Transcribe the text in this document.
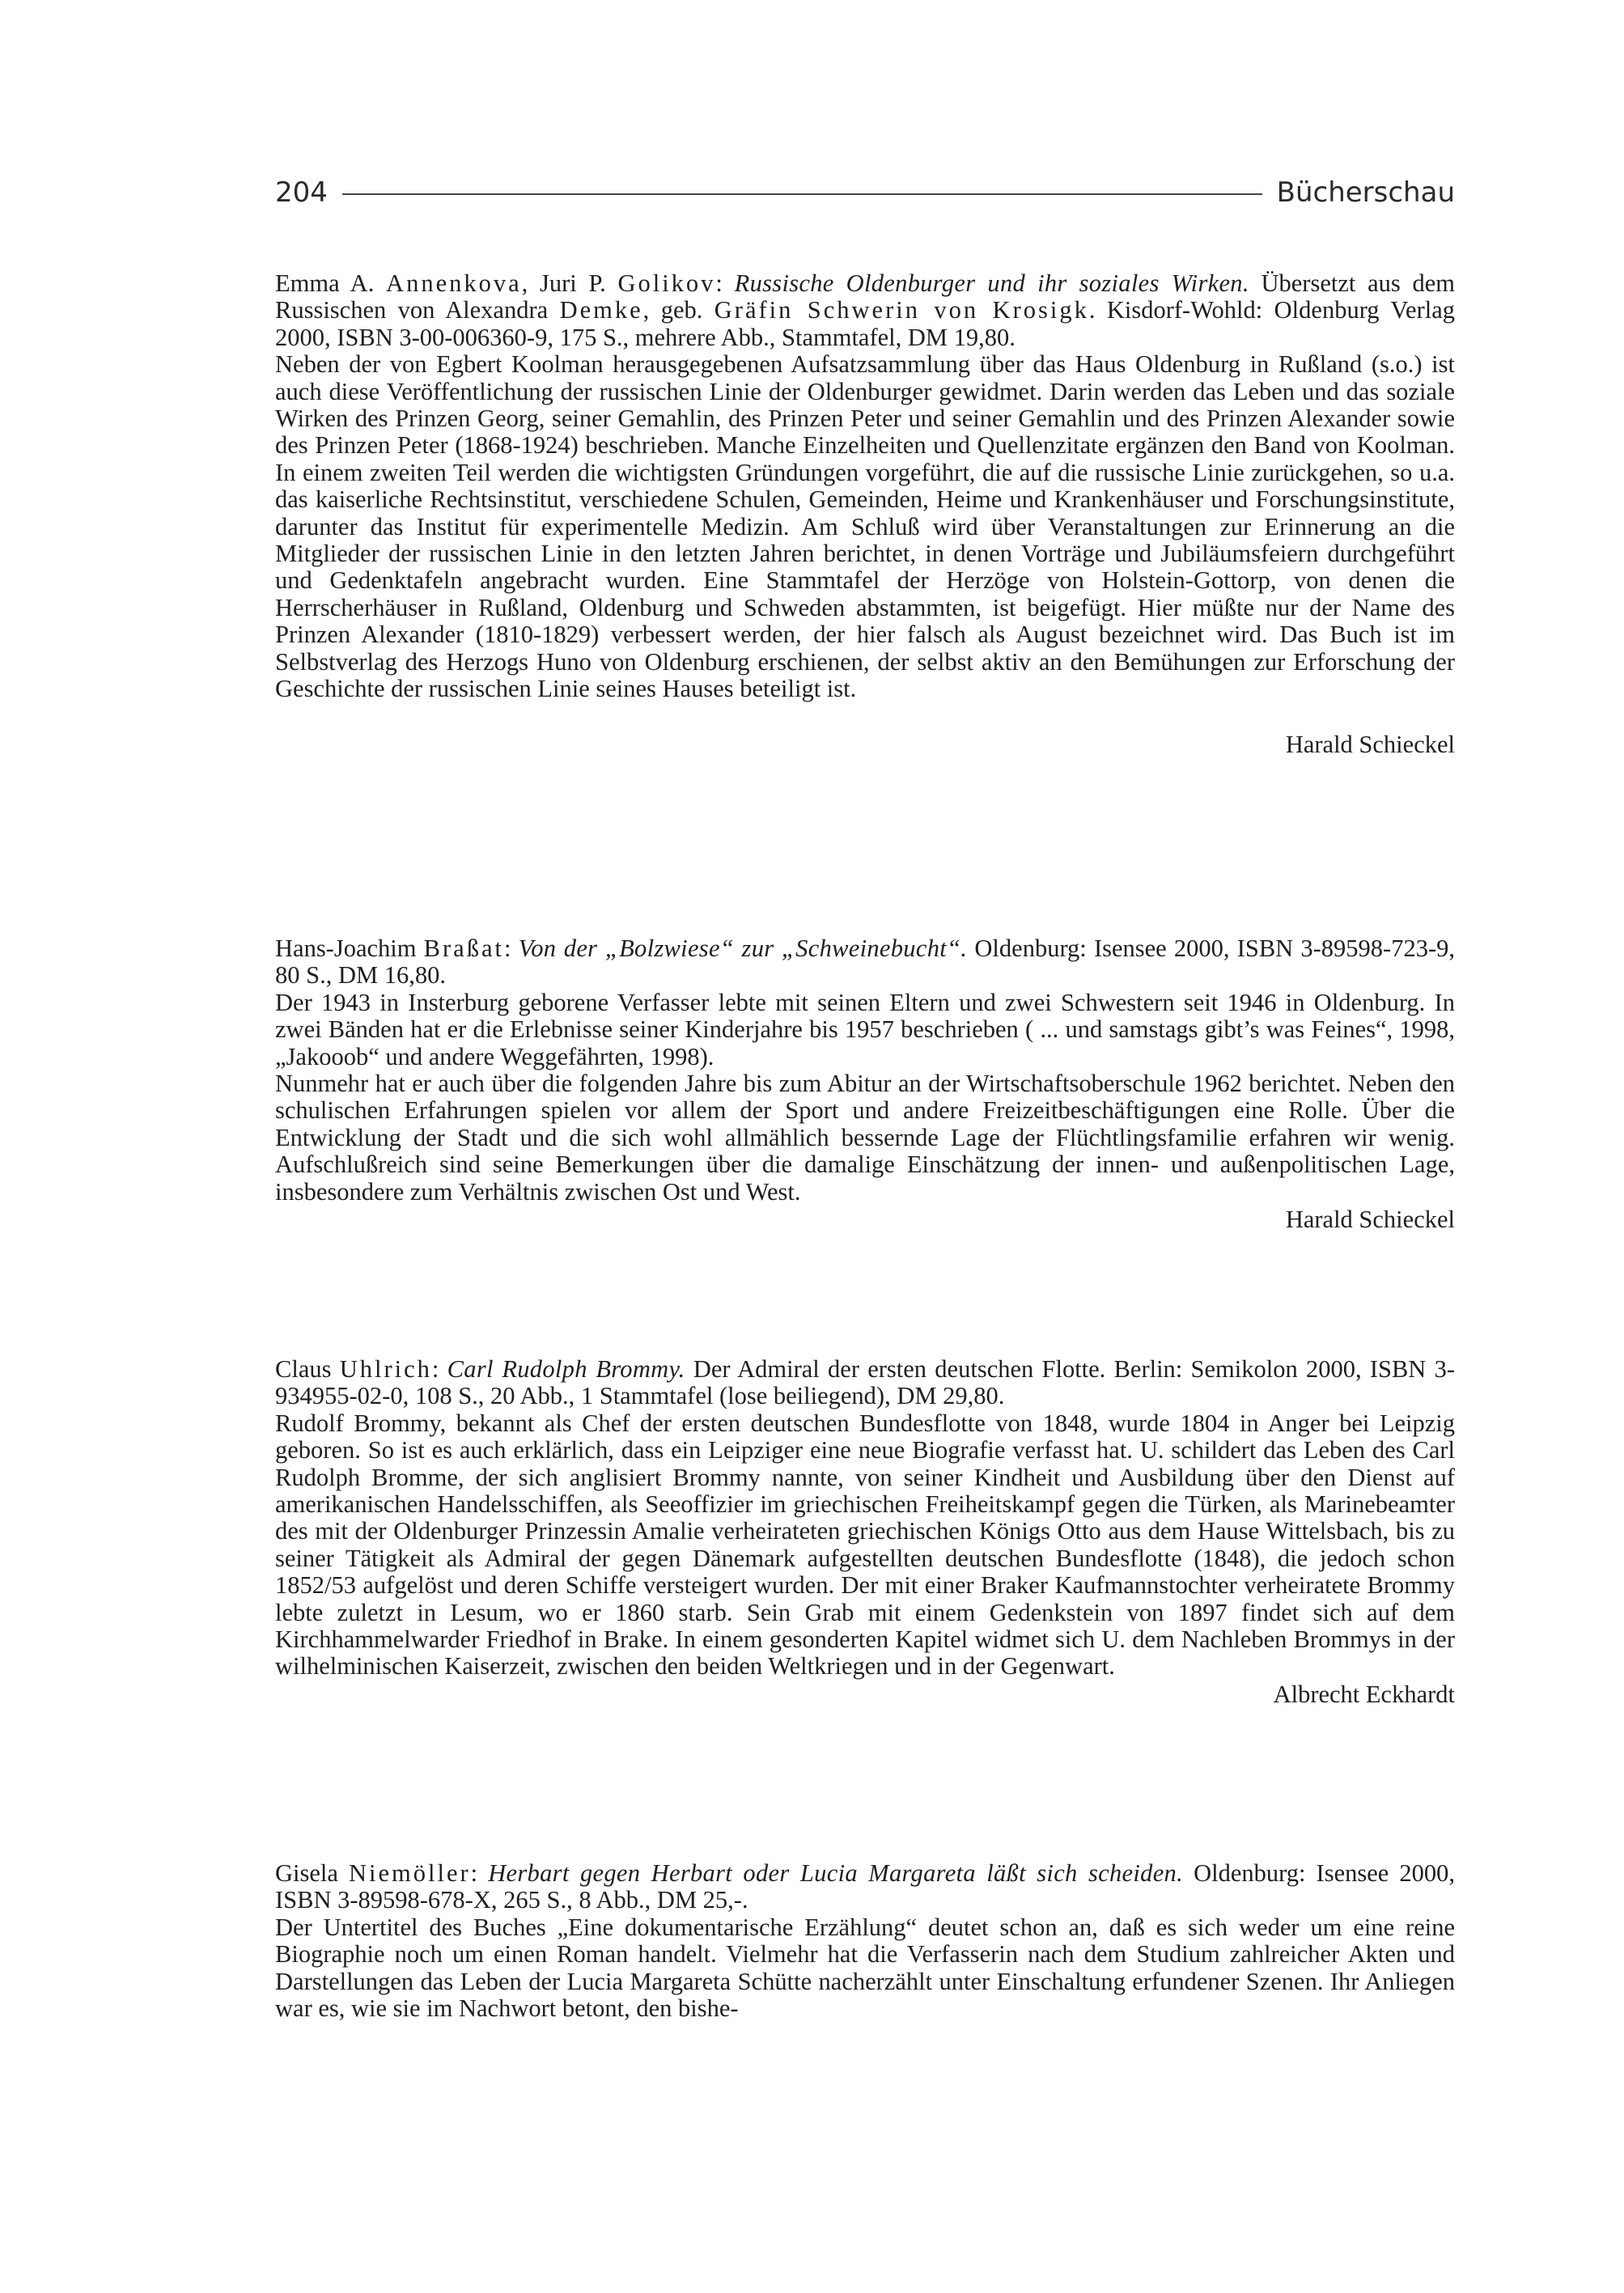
204	Bücherschau

Emma A. Annenkova, Juri P. Golikov: Russische Oldenburger und ihr soziales Wirken. Übersetzt aus dem Russischen von Alexandra Demke, geb. Gräfin Schwerin von Krosigk. Kisdorf-Wohld: Oldenburg Verlag 2000, ISBN 3-00-006360-9, 175 S., mehrere Abb., Stammtafel, DM 19,80.

Neben der von Egbert Koolman herausgegebenen Aufsatzsammlung über das Haus Oldenburg in Rußland (s.o.) ist auch diese Veröffentlichung der russischen Linie der Oldenburger gewidmet. Darin werden das Leben und das soziale Wirken des Prinzen Georg, seiner Gemahlin, des Prinzen Peter und seiner Gemahlin und des Prinzen Alexander sowie des Prinzen Peter (1868-1924) beschrieben. Manche Einzelheiten und Quellenzitate ergänzen den Band von Koolman. In einem zweiten Teil werden die wichtigsten Gründungen vorgeführt, die auf die russische Linie zurückgehen, so u.a. das kaiserliche Rechtsinstitut, verschiedene Schulen, Gemeinden, Heime und Krankenhäuser und Forschungsinstitute, darunter das Institut für experimentelle Medizin. Am Schluß wird über Veranstaltungen zur Erinnerung an die Mitglieder der russischen Linie in den letzten Jahren berichtet, in denen Vorträge und Jubiläumsfeiern durchgeführt und Gedenktafeln angebracht wurden. Eine Stammtafel der Herzöge von Holstein-Gottorp, von denen die Herrscherhäuser in Rußland, Oldenburg und Schweden abstammten, ist beigefügt. Hier müßte nur der Name des Prinzen Alexander (1810-1829) verbessert werden, der hier falsch als August bezeichnet wird. Das Buch ist im Selbstverlag des Herzogs Huno von Oldenburg erschienen, der selbst aktiv an den Bemühungen zur Erforschung der Geschichte der russischen Linie seines Hauses beteiligt ist.

Harald Schieckel

Hans-Joachim Braßat: Von der „Bolzwiese“ zur „Schweinebucht“. Oldenburg: Isensee 2000, ISBN 3-89598-723-9, 80 S., DM 16,80.

Der 1943 in Insterburg geborene Verfasser lebte mit seinen Eltern und zwei Schwestern seit 1946 in Oldenburg. In zwei Bänden hat er die Erlebnisse seiner Kinderjahre bis 1957 beschrieben ( ... und samstags gibt’s was Feines“, 1998, „Jakooob“ und andere Weggefährten, 1998).

Nunmehr hat er auch über die folgenden Jahre bis zum Abitur an der Wirtschaftsoberschule 1962 berichtet. Neben den schulischen Erfahrungen spielen vor allem der Sport und andere Freizeitbeschäftigungen eine Rolle. Über die Entwicklung der Stadt und die sich wohl allmählich bessernde Lage der Flüchtlingsfamilie erfahren wir wenig. Aufschlußreich sind seine Bemerkungen über die damalige Einschätzung der innen- und außenpolitischen Lage, insbesondere zum Verhältnis zwischen Ost und West.

Harald Schieckel

Claus Uhlrich: Carl Rudolph Brommy. Der Admiral der ersten deutschen Flotte. Berlin: Semikolon 2000, ISBN 3-934955-02-0, 108 S., 20 Abb., 1 Stammtafel (lose beiliegend), DM 29,80.

Rudolf Brommy, bekannt als Chef der ersten deutschen Bundesflotte von 1848, wurde 1804 in Anger bei Leipzig geboren. So ist es auch erklärlich, dass ein Leipziger eine neue Biografie verfasst hat. U. schildert das Leben des Carl Rudolph Bromme, der sich anglisiert Brommy nannte, von seiner Kindheit und Ausbildung über den Dienst auf amerikanischen Handelsschiffen, als Seeoffizier im griechischen Freiheitskampf gegen die Türken, als Marinebeamter des mit der Oldenburger Prinzessin Amalie verheirateten griechischen Königs Otto aus dem Hause Wittelsbach, bis zu seiner Tätigkeit als Admiral der gegen Dänemark aufgestellten deutschen Bundesflotte (1848), die jedoch schon 1852/53 aufgelöst und deren Schiffe versteigert wurden. Der mit einer Braker Kaufmannstochter verheiratete Brommy lebte zuletzt in Lesum, wo er 1860 starb. Sein Grab mit einem Gedenkstein von 1897 findet sich auf dem Kirchhammelwarder Friedhof in Brake. In einem gesonderten Kapitel widmet sich U. dem Nachleben Brommys in der wilhelminischen Kaiserzeit, zwischen den beiden Weltkriegen und in der Gegenwart.

Albrecht Eckhardt

Gisela Niemöller: Herbart gegen Herbart oder Lucia Margareta läßt sich scheiden. Oldenburg: Isensee 2000, ISBN 3-89598-678-X, 265 S., 8 Abb., DM 25,-.

Der Untertitel des Buches „Eine dokumentarische Erzählung“ deutet schon an, daß es sich weder um eine reine Biographie noch um einen Roman handelt. Vielmehr hat die Verfasserin nach dem Studium zahlreicher Akten und Darstellungen das Leben der Lucia Margareta Schütte nacherzählt unter Einschaltung erfundener Szenen. Ihr Anliegen war es, wie sie im Nachwort betont, den bishe-
